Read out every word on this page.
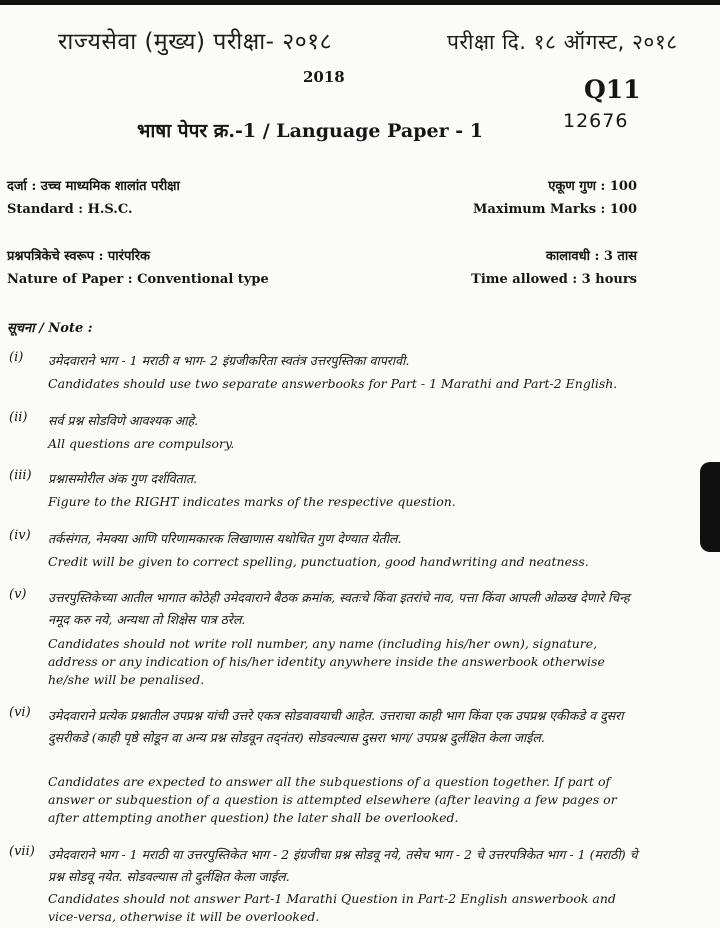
राज्यसेवा (मुख्य) परीक्षा- २०१८	परीक्षा दि. १८ ऑगस्ट, २०१८
2018	Q11
12676
भाषा पेपर क्र.-1 / Language Paper - 1
दर्जा : उच्च माध्यमिक शालांत परीक्षा	एकूण गुण : 100
Standard : H.S.C.	Maximum Marks : 100
प्रश्नपत्रिकेचे स्वरूप : पारंपरिक	कालावधी : 3 तास
Nature of Paper : Conventional type	Time allowed : 3 hours
सूचना / Note :
(i) उमेदवाराने भाग - 1 मराठी व भाग- 2 इंग्रजीकरिता स्वतंत्र उत्तरपुस्तिका वापरावी.
Candidates should use two separate answerbooks for Part - 1 Marathi and Part-2 English.
(ii) सर्व प्रश्न सोडविणे आवश्यक आहे.
All questions are compulsory.
(iii) प्रश्नासमोरील अंक गुण दर्शवितात.
Figure to the RIGHT indicates marks of the respective question.
(iv) तर्कसंगत, नेमक्या आणि परिणामकारक लिखाणास यथोचित गुण देण्यात येतील.
Credit will be given to correct spelling, punctuation, good handwriting and neatness.
(v) उत्तरपुस्तिकेच्या आतील भागात कोठेही उमेदवाराने बैठक क्रमांक, स्वतःचे किंवा इतरांचे नाव, पत्ता किंवा आपली ओळख देणारे चिन्ह नमूद करु नये, अन्यथा तो शिक्षेस पात्र ठरेल.
Candidates should not write roll number, any name (including his/her own), signature, address or any indication of his/her identity anywhere inside the answerbook otherwise he/she will be penalised.
(vi) उमेदवाराने प्रत्येक प्रश्नातील उपप्रश्न यांची उत्तरे एकत्र सोडवावयाची आहेत. उत्तराचा काही भाग किंवा एक उपप्रश्न एकीकडे व दुसरा दुसरीकडे (काही पृष्ठे सोडून वा अन्य प्रश्न सोडवून तद्नंतर) सोडवल्यास दुसरा भाग/ उपप्रश्न दुर्लक्षित केला जाईल.
Candidates are expected to answer all the subquestions of a question together. If part of answer or subquestion of a question is attempted elsewhere (after leaving a few pages or after attempting another question) the later shall be overlooked.
(vii) उमेदवाराने भाग - 1 मराठी या उत्तरपुस्तिकेत भाग - 2 इंग्रजीचा प्रश्न सोडवू नये, तसेच भाग - 2 चे उत्तरपत्रिकेत भाग - 1 (मराठी) चे प्रश्न सोडवू नयेत. सोडवल्यास तो दुर्लक्षित केला जाईल.
Candidates should not answer Part-1 Marathi Question in Part-2 English answerbook and vice-versa, otherwise it will be overlooked.
